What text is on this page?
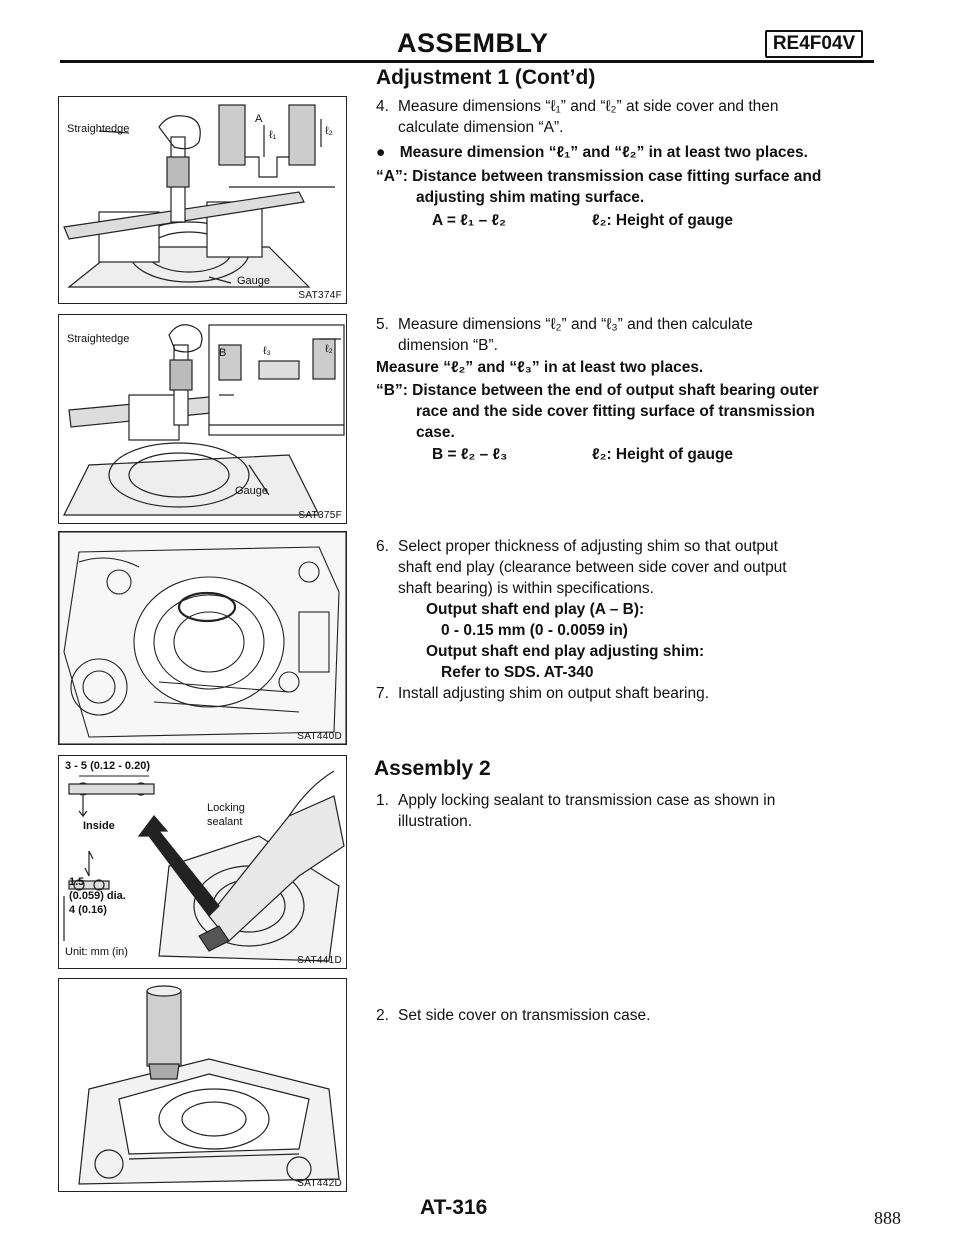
ASSEMBLY	RE4F04V
Adjustment 1 (Cont’d)
4. Measure dimensions “ℓ₁” and “ℓ₂” at side cover and then
calculate dimension “A”.
● Measure dimension “ℓ₁” and “ℓ₂” in at least two places.
“A”: Distance between transmission case fitting surface and
adjusting shim mating surface.
A = ℓ₁ – ℓ₂	ℓ₂: Height of gauge
5. Measure dimensions “ℓ₂” and “ℓ₃” and then calculate
dimension “B”.
Measure “ℓ₂” and “ℓ₃” in at least two places.
“B”: Distance between the end of output shaft bearing outer
race and the side cover fitting surface of transmission
case.
B = ℓ₂ – ℓ₃	ℓ₂: Height of gauge
6. Select proper thickness of adjusting shim so that output
shaft end play (clearance between side cover and output
shaft bearing) is within specifications.
Output shaft end play (A – B):
0 - 0.15 mm (0 - 0.0059 in)
Output shaft end play adjusting shim:
Refer to SDS. AT-340
7. Install adjusting shim on output shaft bearing.
Assembly 2
1. Apply locking sealant to transmission case as shown in
illustration.
2. Set side cover on transmission case.
Straightedge
Gauge
A
ℓ₁	ℓ₂
SAT374F
Straightedge
Gauge
B	ℓ₃	ℓ₂
SAT375F
SAT440D
3 - 5 (0.12 - 0.20)
Inside
Locking
sealant
1.5
(0.059) dia.
4 (0.16)
Unit: mm (in)
SAT441D
SAT442D
AT-316	888
